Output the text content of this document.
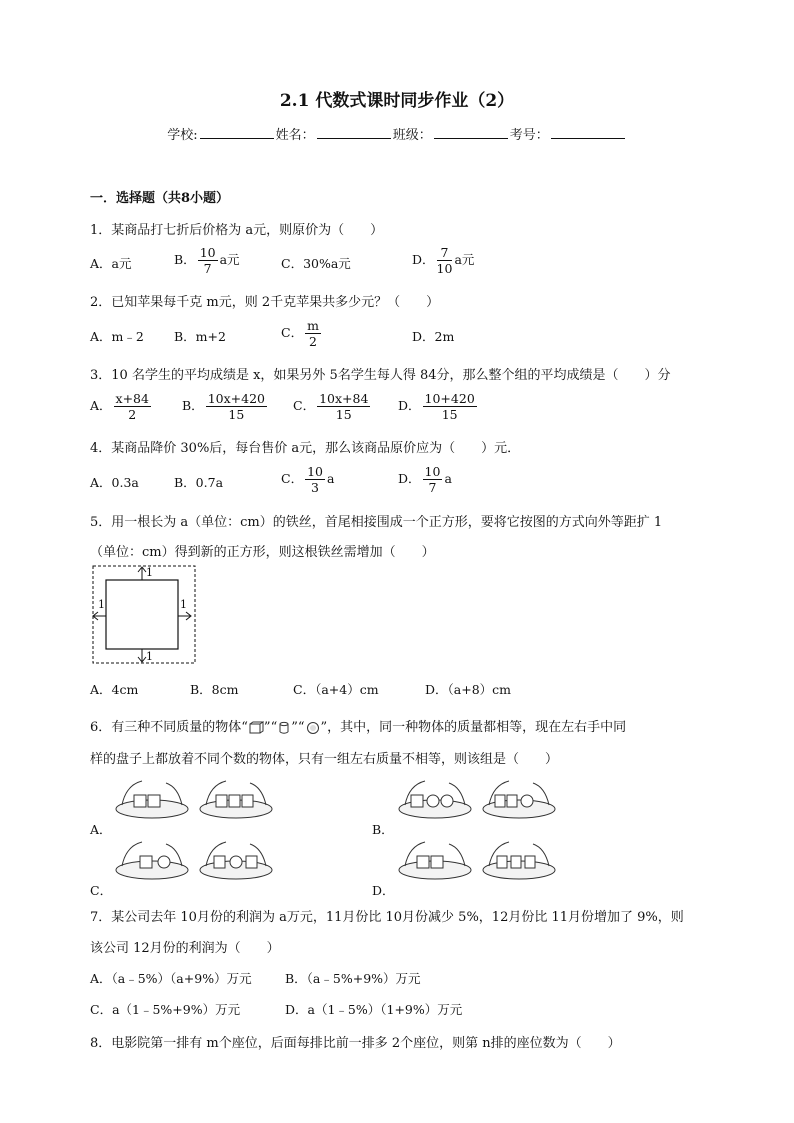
2.1 代数式课时同步作业（2）
学校:	姓名：	班级：	考号：
一．选择题（共8小题）
1．某商品打七折后价格为 a元，则原价为（　　）
A．a元	B． $\frac{10}{7}$ a元	C．30%a元	D． $\frac{7}{10}$ a元
2．已知苹果每千克 m元，则 2千克苹果共多少元？（　　）
A．m﹣2 B．m+2	C． $\frac{m}{2}$	D．2m
3．10 名学生的平均成绩是 x，如果另外 5名学生每人得 84分，那么整个组的平均成绩是（　　）分
A． $\frac{x+84}{2}$ B． $\frac{10x+420}{15}$ C． $\frac{10x+84}{15}$ D． $\frac{10+420}{15}$
4．某商品降价 30%后，每台售价 a元，那么该商品原价应为（　　）元．
A．0.3a	B．0.7a	C． $\frac{10}{3}$ a	D． $\frac{10}{7}$ a
5．用一根长为 a（单位：cm）的铁丝，首尾相接围成一个正方形，要将它按图的方式向外等距扩 1
（单位：cm）得到新的正方形，则这根铁丝需增加（　　）
1
1	1
1
A．4cm	B．8cm	C．（a+4）cm	D．（a+8）cm
6．有三种不同质量的物体“ ”“ ”“ ”，其中，同一种物体的质量都相等，现在左右手中同
样的盘子上都放着不同个数的物体，只有一组左右质量不相等，则该组是（　　）
A．	B．
C．	D．
7．某公司去年 10月份的利润为 a万元，11月份比 10月份减少 5%，12月份比 11月份增加了 9%，则
该公司 12月份的利润为（　　）
A．（a﹣5%）（a+9%）万元	B．（a﹣5%+9%）万元
C．a（1﹣5%+9%）万元	D．a（1﹣5%）（1+9%）万元
8．电影院第一排有 m个座位，后面每排比前一排多 2个座位，则第 n排的座位数为（　　）
